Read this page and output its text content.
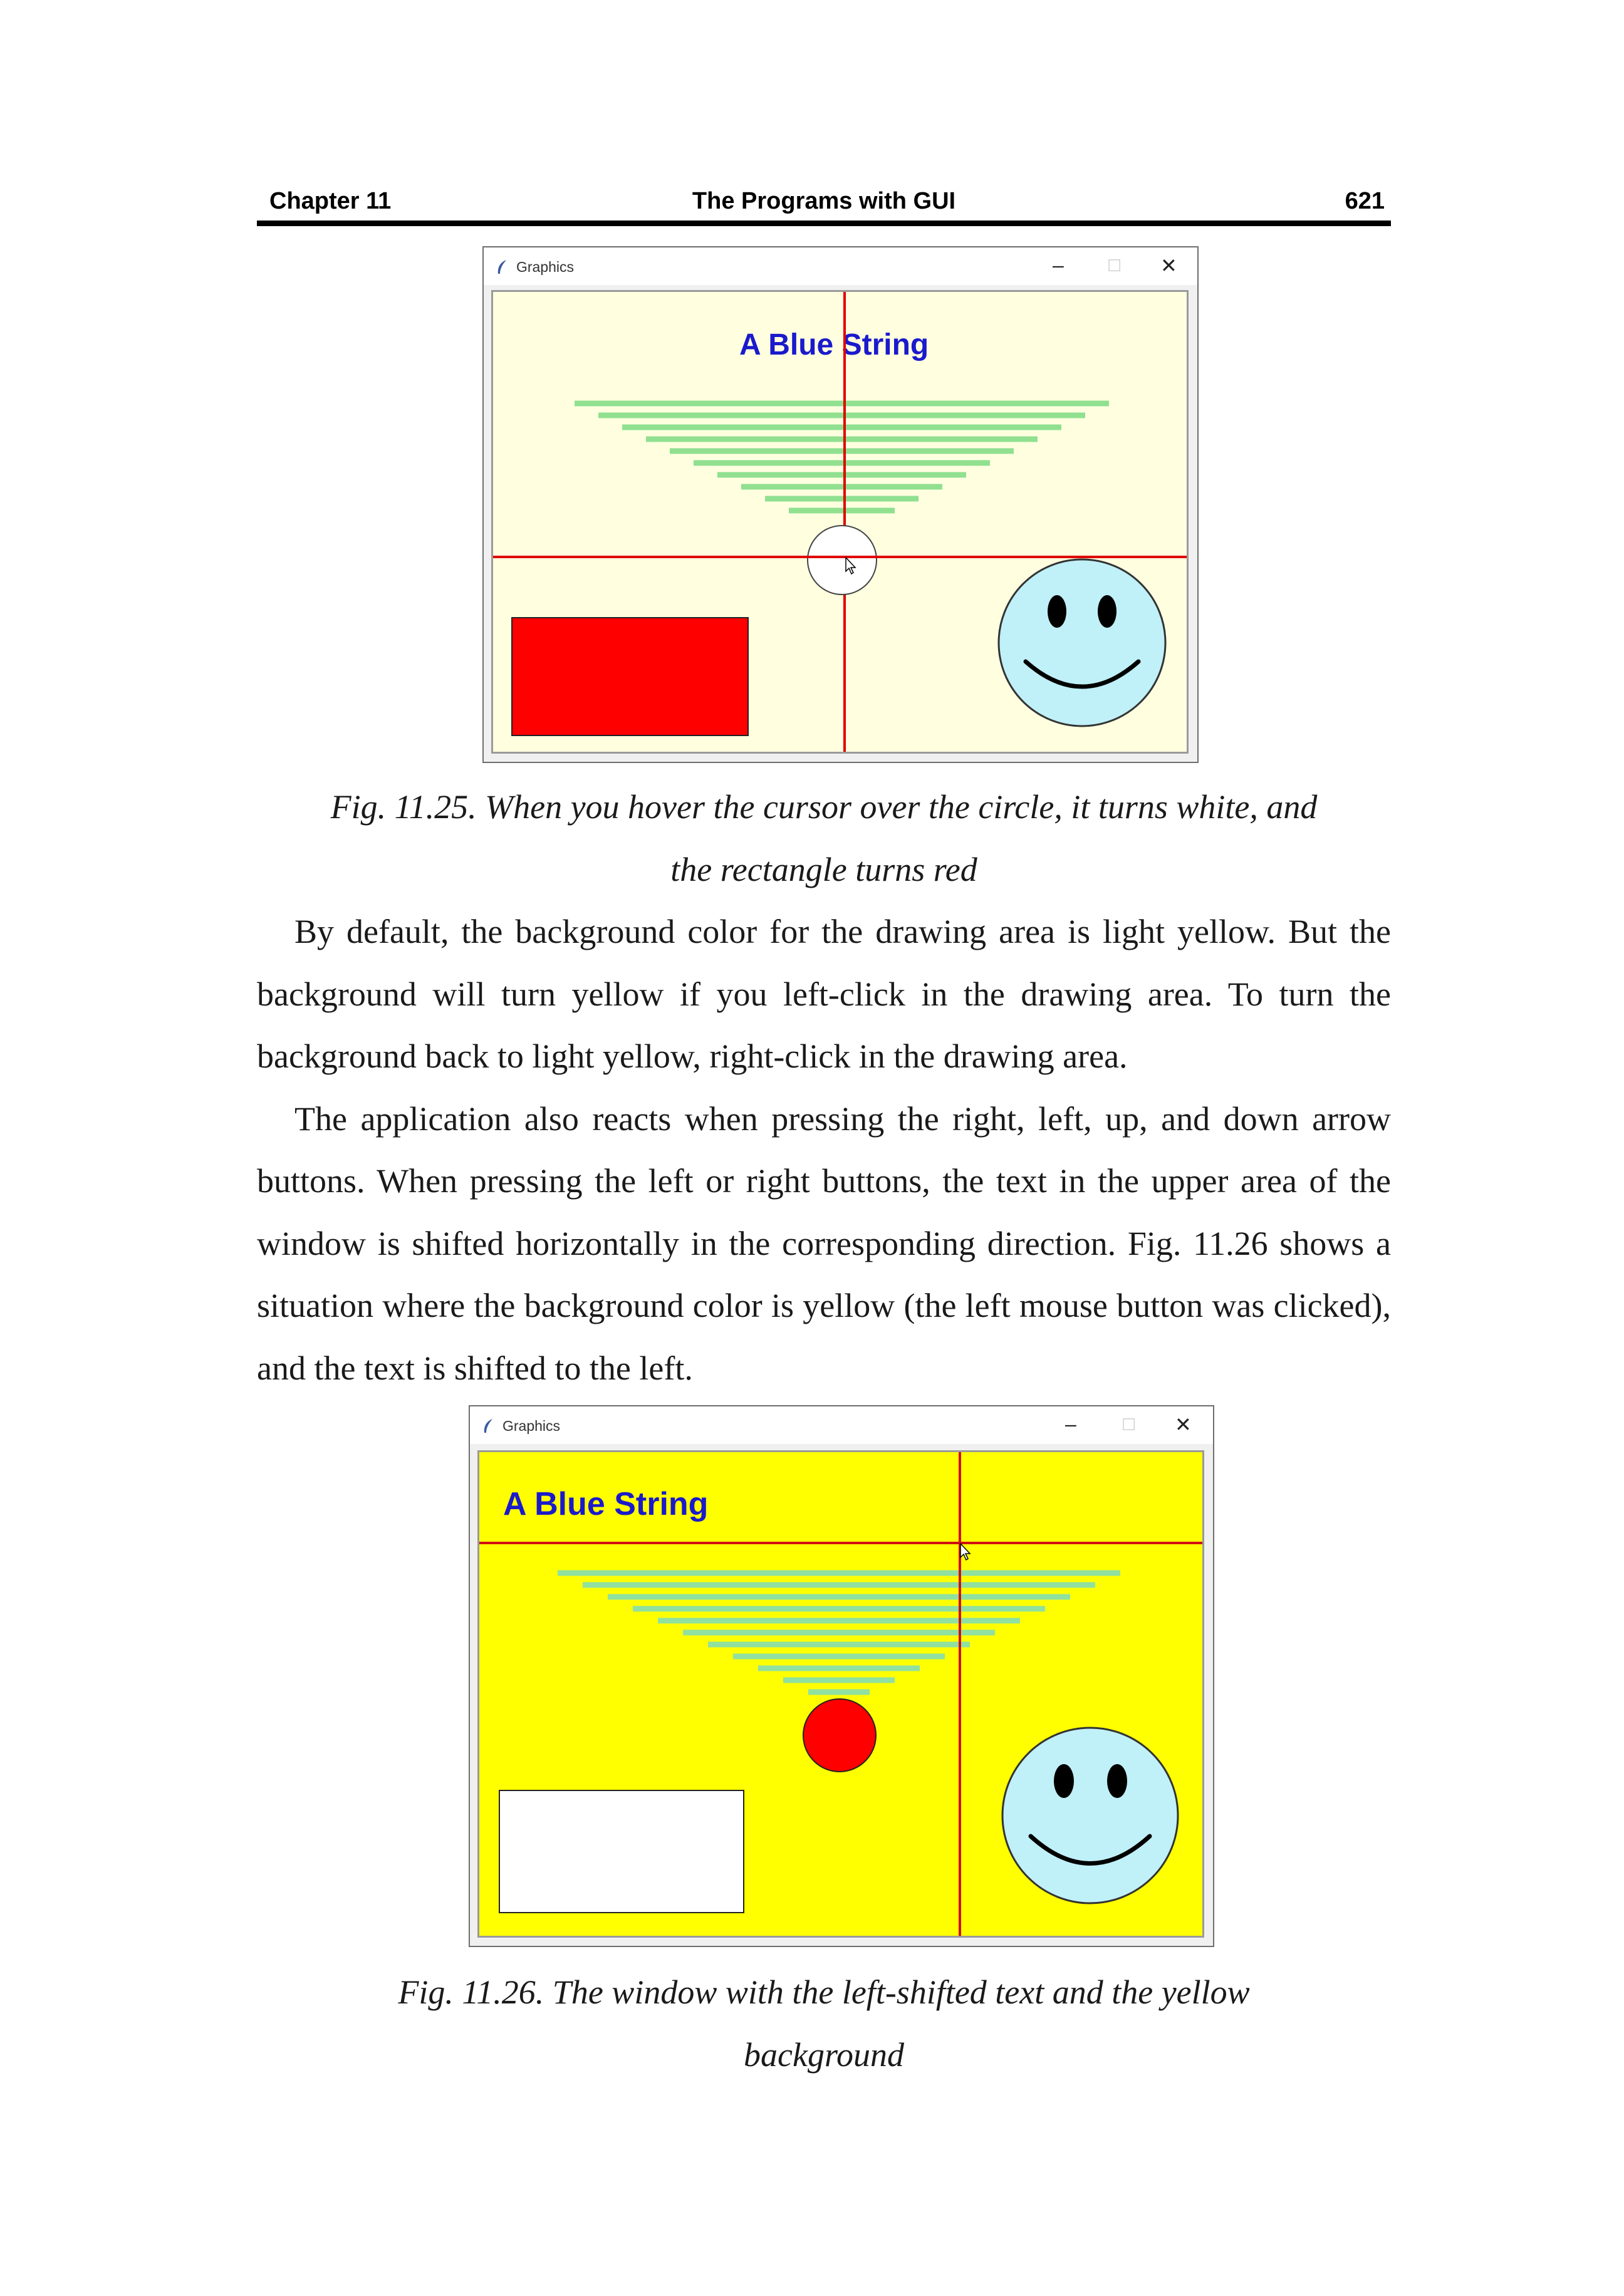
Chapter 11	The Programs with GUI	621
Graphics	–	☐ ✕
A Blue String
Fig. 11.25. When you hover the cursor over the circle, it turns white, and
the rectangle turns red

By default, the background color for the drawing area is light yellow. But the background will turn yellow if you left-click in the drawing area. To turn the background back to light yellow, right-click in the drawing area.

The application also reacts when pressing the right, left, up, and down arrow buttons. When pressing the left or right buttons, the text in the upper area of the window is shifted horizontally in the corresponding direction. Fig. 11.26 shows a situation where the background color is yellow (the left mouse button was clicked), and the text is shifted to the left.

Graphics	–	☐ ✕
A Blue String
Fig. 11.26. The window with the left-shifted text and the yellow
background
